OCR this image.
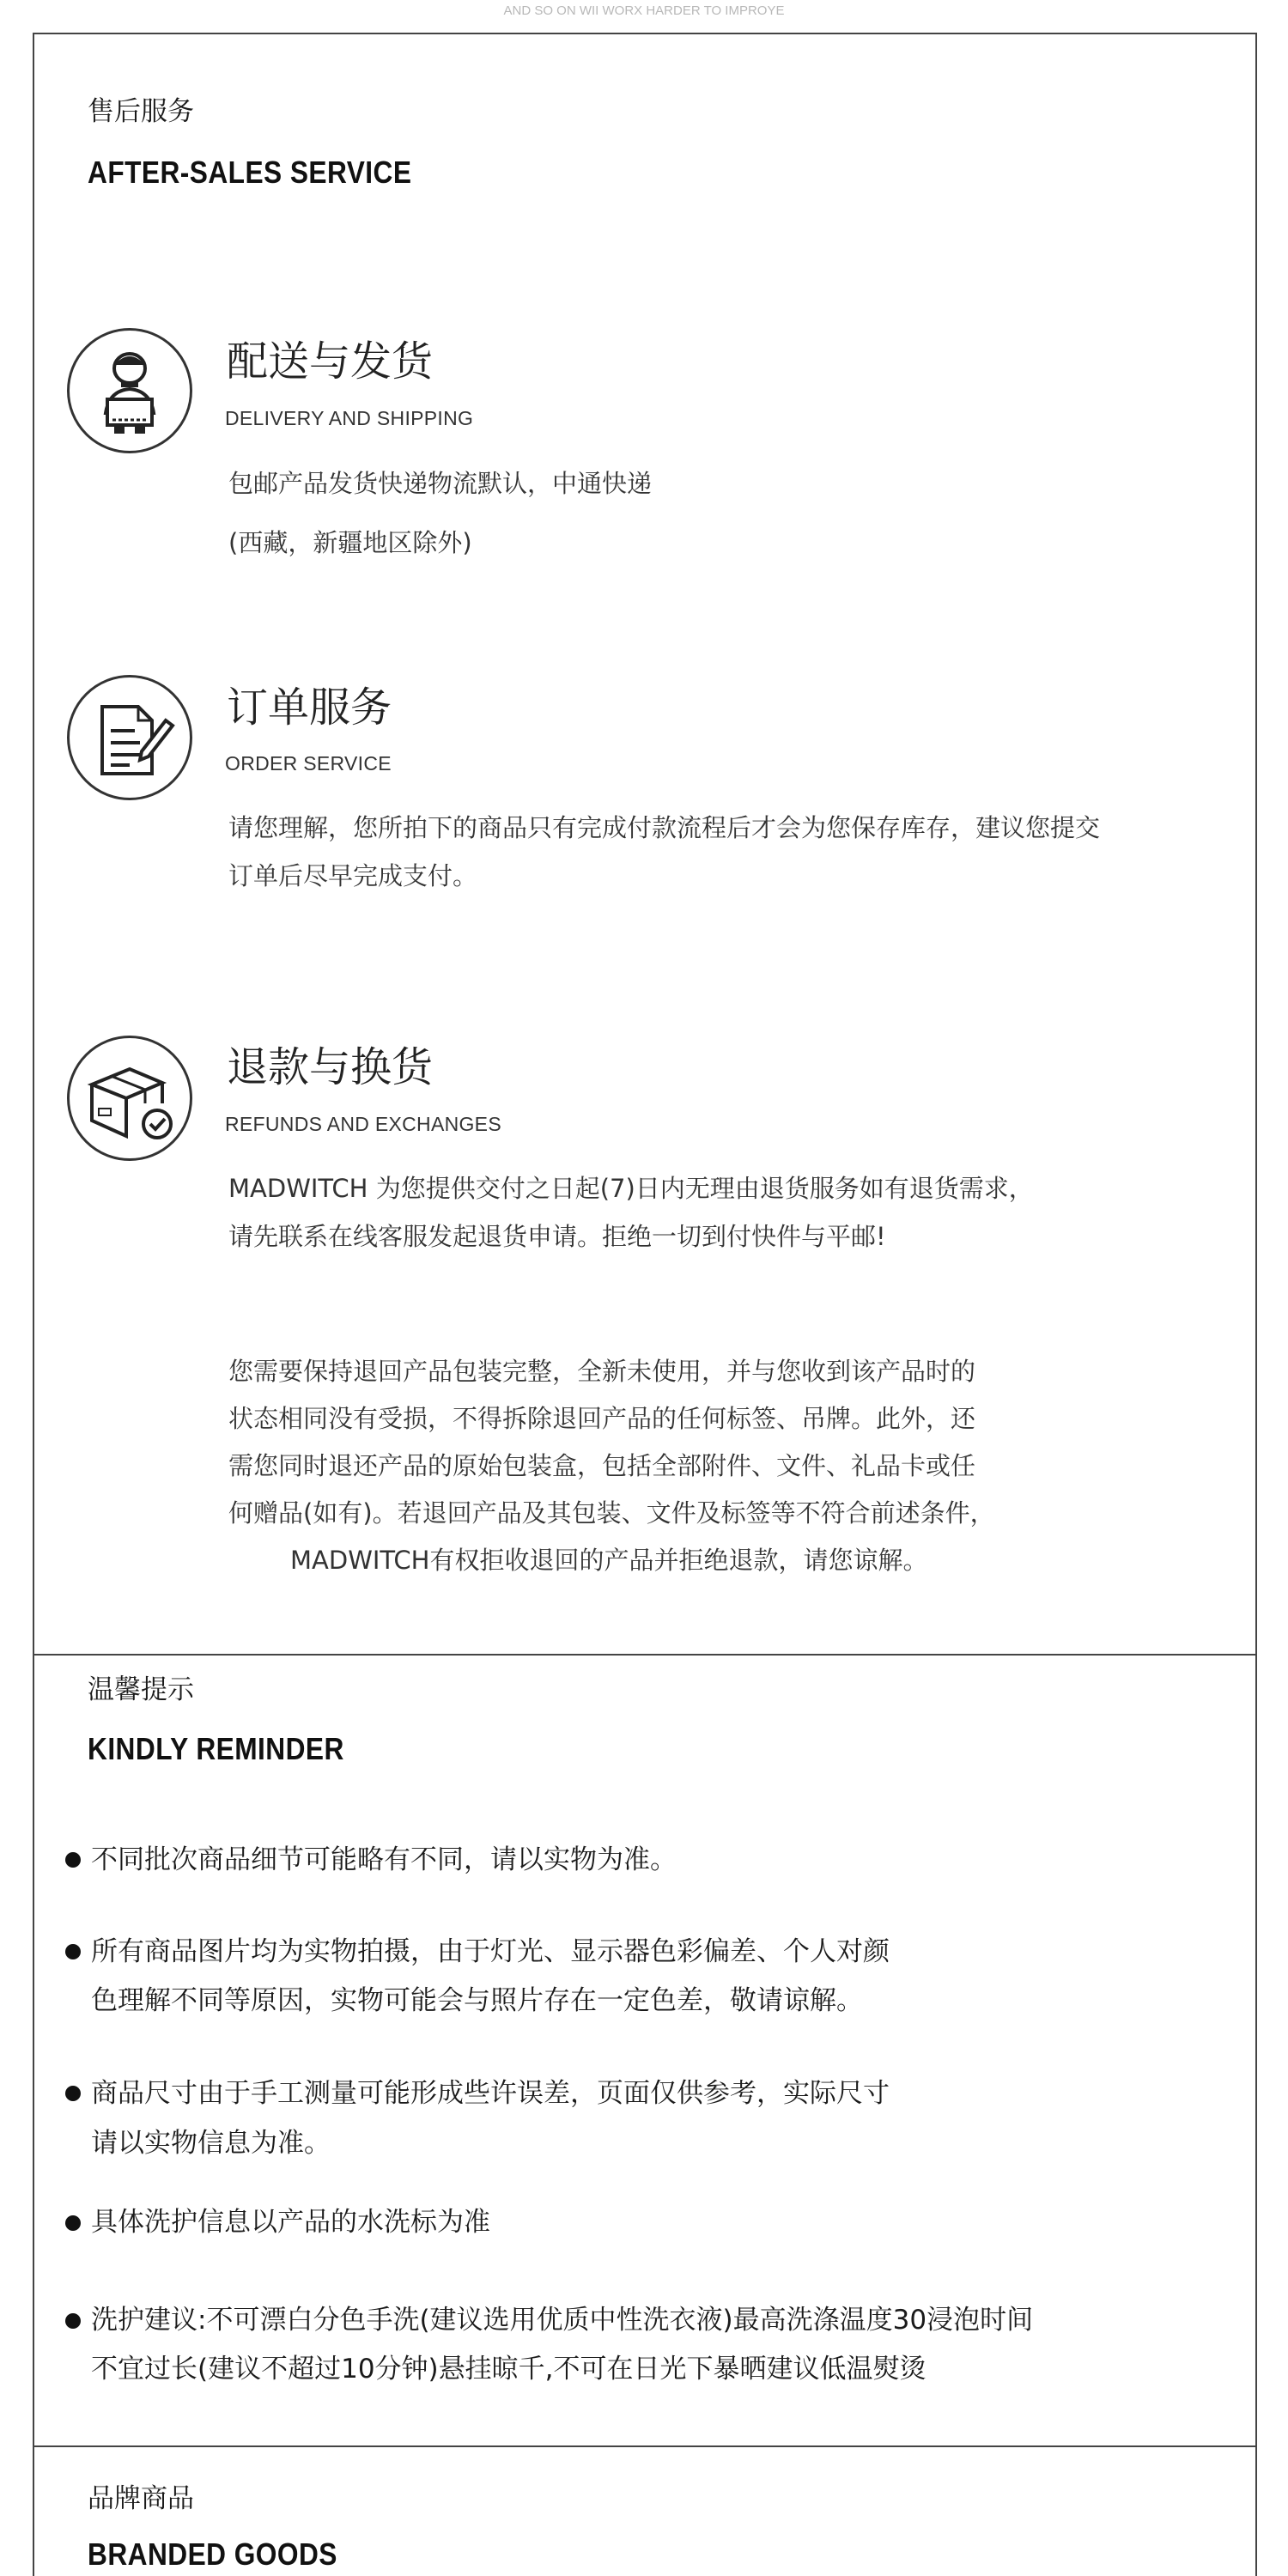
AND SO ON WII WORX HARDER TO IMPROYE
售后服务
AFTER-SALES SERVICE
配送与发货
DELIVERY AND SHIPPING
包邮产品发货快递物流默认，中通快递
(西藏，新疆地区除外)
订单服务
ORDER SERVICE
请您理解，您所拍下的商品只有完成付款流程后才会为您保存库存，建议您提交
订单后尽早完成支付。
退款与换货
REFUNDS AND EXCHANGES
MADWITCH 为您提供交付之日起(7)日内无理由退货服务如有退货需求，
请先联系在线客服发起退货申请。拒绝一切到付快件与平邮!
您需要保持退回产品包装完整，全新未使用，并与您收到该产品时的
状态相同没有受损，不得拆除退回产品的任何标签、吊牌。此外，还
需您同时退还产品的原始包装盒，包括全部附件、文件、礼品卡或任
何赠品(如有)。若退回产品及其包装、文件及标签等不符合前述条件，
MADWITCH有权拒收退回的产品并拒绝退款，请您谅解。
温馨提示
KINDLY REMINDER
不同批次商品细节可能略有不同，请以实物为准。
所有商品图片均为实物拍摄，由于灯光、显示器色彩偏差、个人对颜
色理解不同等原因，实物可能会与照片存在一定色差，敬请谅解。
商品尺寸由于手工测量可能形成些许误差，页面仅供参考，实际尺寸
请以实物信息为准。
具体洗护信息以产品的水洗标为准
洗护建议:不可漂白分色手洗(建议选用优质中性洗衣液)最高洗涤温度30浸泡时间
不宜过长(建议不超过10分钟)悬挂晾千,不可在日光下暴晒建议低温熨烫
品牌商品
BRANDED GOODS
